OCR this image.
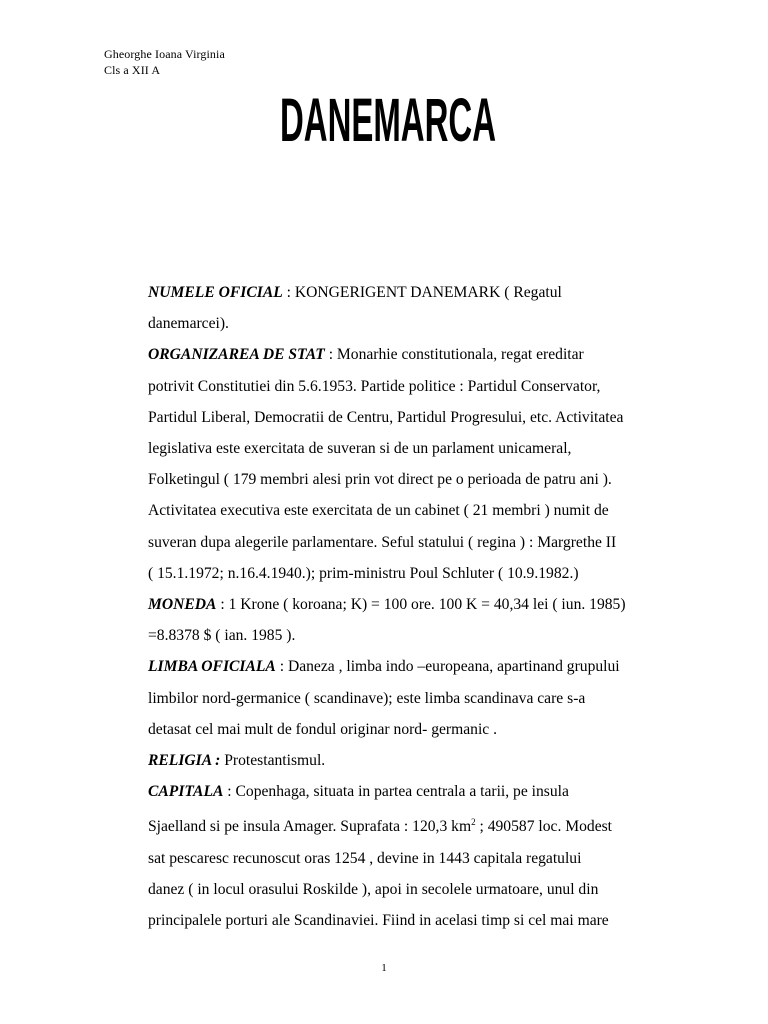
Gheorghe Ioana Virginia
Cls a XII A
DANEMARCA

NUMELE OFICIAL : KONGERIGENT DANEMARK ( Regatul

danemarcei).

ORGANIZAREA DE STAT : Monarhie constitutionala, regat ereditar

potrivit Constitutiei din 5.6.1953. Partide politice : Partidul Conservator,

Partidul Liberal, Democratii de Centru, Partidul Progresului, etc. Activitatea

legislativa este exercitata de suveran si de un parlament unicameral,

Folketingul ( 179 membri alesi prin vot direct pe o perioada de patru ani ).

Activitatea executiva este exercitata de un cabinet ( 21 membri ) numit de

suveran dupa alegerile parlamentare. Seful statului ( regina ) : Margrethe II

( 15.1.1972; n.16.4.1940.); prim-ministru Poul Schluter ( 10.9.1982.)

MONEDA : 1 Krone ( koroana; K) = 100 ore. 100 K = 40,34 lei ( iun. 1985)

=8.8378 $ ( ian. 1985 ).

LIMBA OFICIALA : Daneza , limba indo –europeana, apartinand grupului

limbilor nord-germanice ( scandinave); este limba scandinava care s-a

detasat cel mai mult de fondul originar nord- germanic .

RELIGIA : Protestantismul.

CAPITALA : Copenhaga, situata in partea centrala a tarii, pe insula

Sjaelland si pe insula Amager. Suprafata : 120,3 $km^2$ ; 490587 loc. Modest

sat pescaresc recunoscut oras 1254 , devine in 1443 capitala regatului

danez ( in locul orasului Roskilde ), apoi in secolele urmatoare, unul din

principalele porturi ale Scandinaviei. Fiind in acelasi timp si cel mai mare

1
